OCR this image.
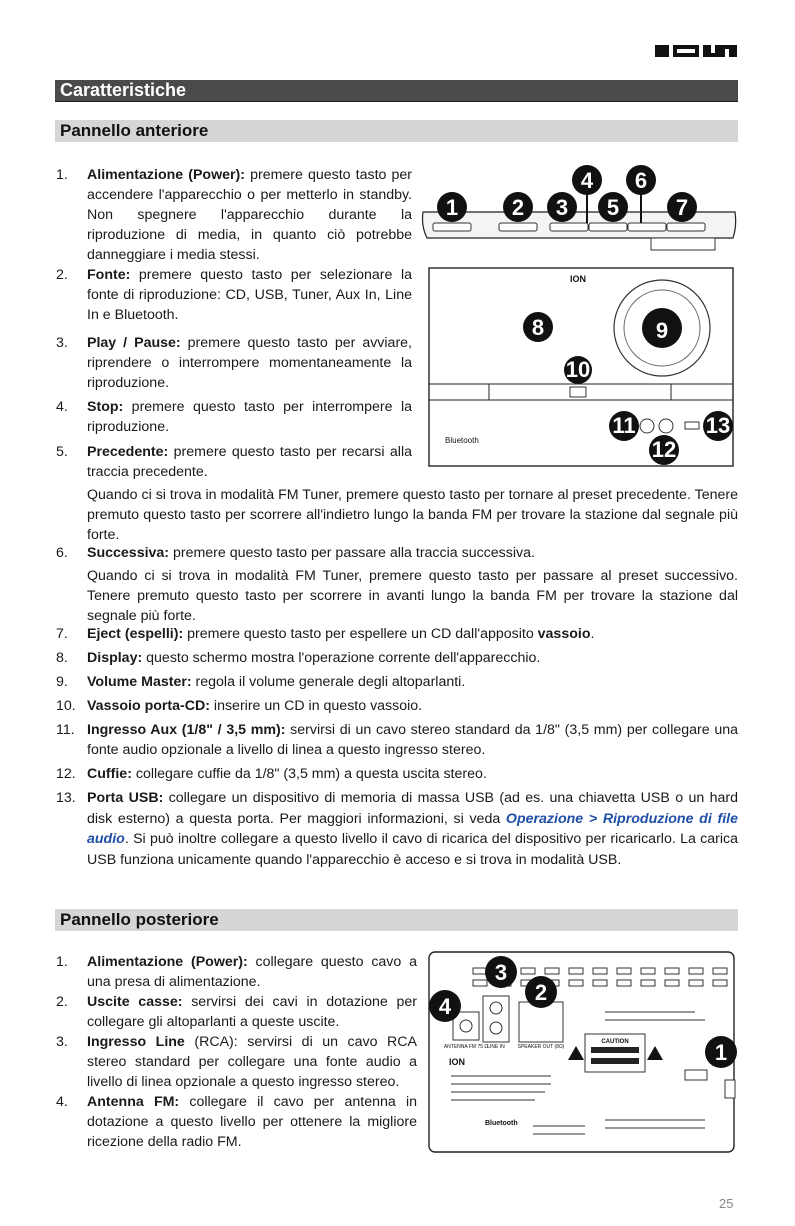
Caratteristiche
Pannello anteriore
1.	Alimentazione (Power): premere questo tasto per accendere l'apparecchio o per metterlo in standby. Non spegnere l'apparecchio durante la riproduzione di media, in quanto ciò potrebbe danneggiare i media stessi.
2.	Fonte: premere questo tasto per selezionare la fonte di riproduzione: CD, USB, Tuner, Aux In, Line In e Bluetooth.
3.	Play / Pause: premere questo tasto per avviare, riprendere o interrompere momentaneamente la riproduzione.
4.	Stop: premere questo tasto per interrompere la riproduzione.
5.	Precedente: premere questo tasto per recarsi alla traccia precedente.
Quando ci si trova in modalità FM Tuner, premere questo tasto per tornare al preset precedente. Tenere premuto questo tasto per scorrere all'indietro lungo la banda FM per trovare la stazione dal segnale più forte.
6.	Successiva: premere questo tasto per passare alla traccia successiva.
Quando ci si trova in modalità FM Tuner, premere questo tasto per passare al preset successivo. Tenere premuto questo tasto per scorrere in avanti lungo la banda FM per trovare la stazione dal segnale più forte.
7.	Eject (espelli): premere questo tasto per espellere un CD dall'apposito vassoio.
8.	Display: questo schermo mostra l'operazione corrente dell'apparecchio.
9.	Volume Master: regola il volume generale degli altoparlanti.
10. Vassoio porta-CD: inserire un CD in questo vassoio.
11. Ingresso Aux (1/8" / 3,5 mm): servirsi di un cavo stereo standard da 1/8" (3,5 mm) per collegare una fonte audio opzionale a livello di linea a questo ingresso stereo.
12. Cuffie: collegare cuffie da 1/8" (3,5 mm) a questa uscita stereo.
13. Porta USB: collegare un dispositivo di memoria di massa USB (ad es. una chiavetta USB o un hard disk esterno) a questa porta. Per maggiori informazioni, si veda Operazione > Riproduzione di file audio. Si può inoltre collegare a questo livello il cavo di ricarica del dispositivo per ricaricarlo. La carica USB funziona unicamente quando l'apparecchio è acceso e si trova in modalità USB.
Pannello posteriore
1.	Alimentazione (Power): collegare questo cavo a una presa di alimentazione.
2.	Uscite casse: servirsi dei cavi in dotazione per collegare gli altoparlanti a queste uscite.
3.	Ingresso Line (RCA): servirsi di un cavo RCA stereo standard per collegare una fonte audio a livello di linea opzionale a questo ingresso stereo.
4.	Antenna FM: collegare il cavo per antenna in dotazione a questo livello per ottenere la migliore ricezione della radio FM.
1 2 3
4
5
6
7
ION
9
8
10
Bluetooth
11
12
13
ANTENNA FM 75 Ω LINE IN	SPEAKER OUT (8Ω)
ION
CAUTION
Bluetooth
3
2
4
1
25
